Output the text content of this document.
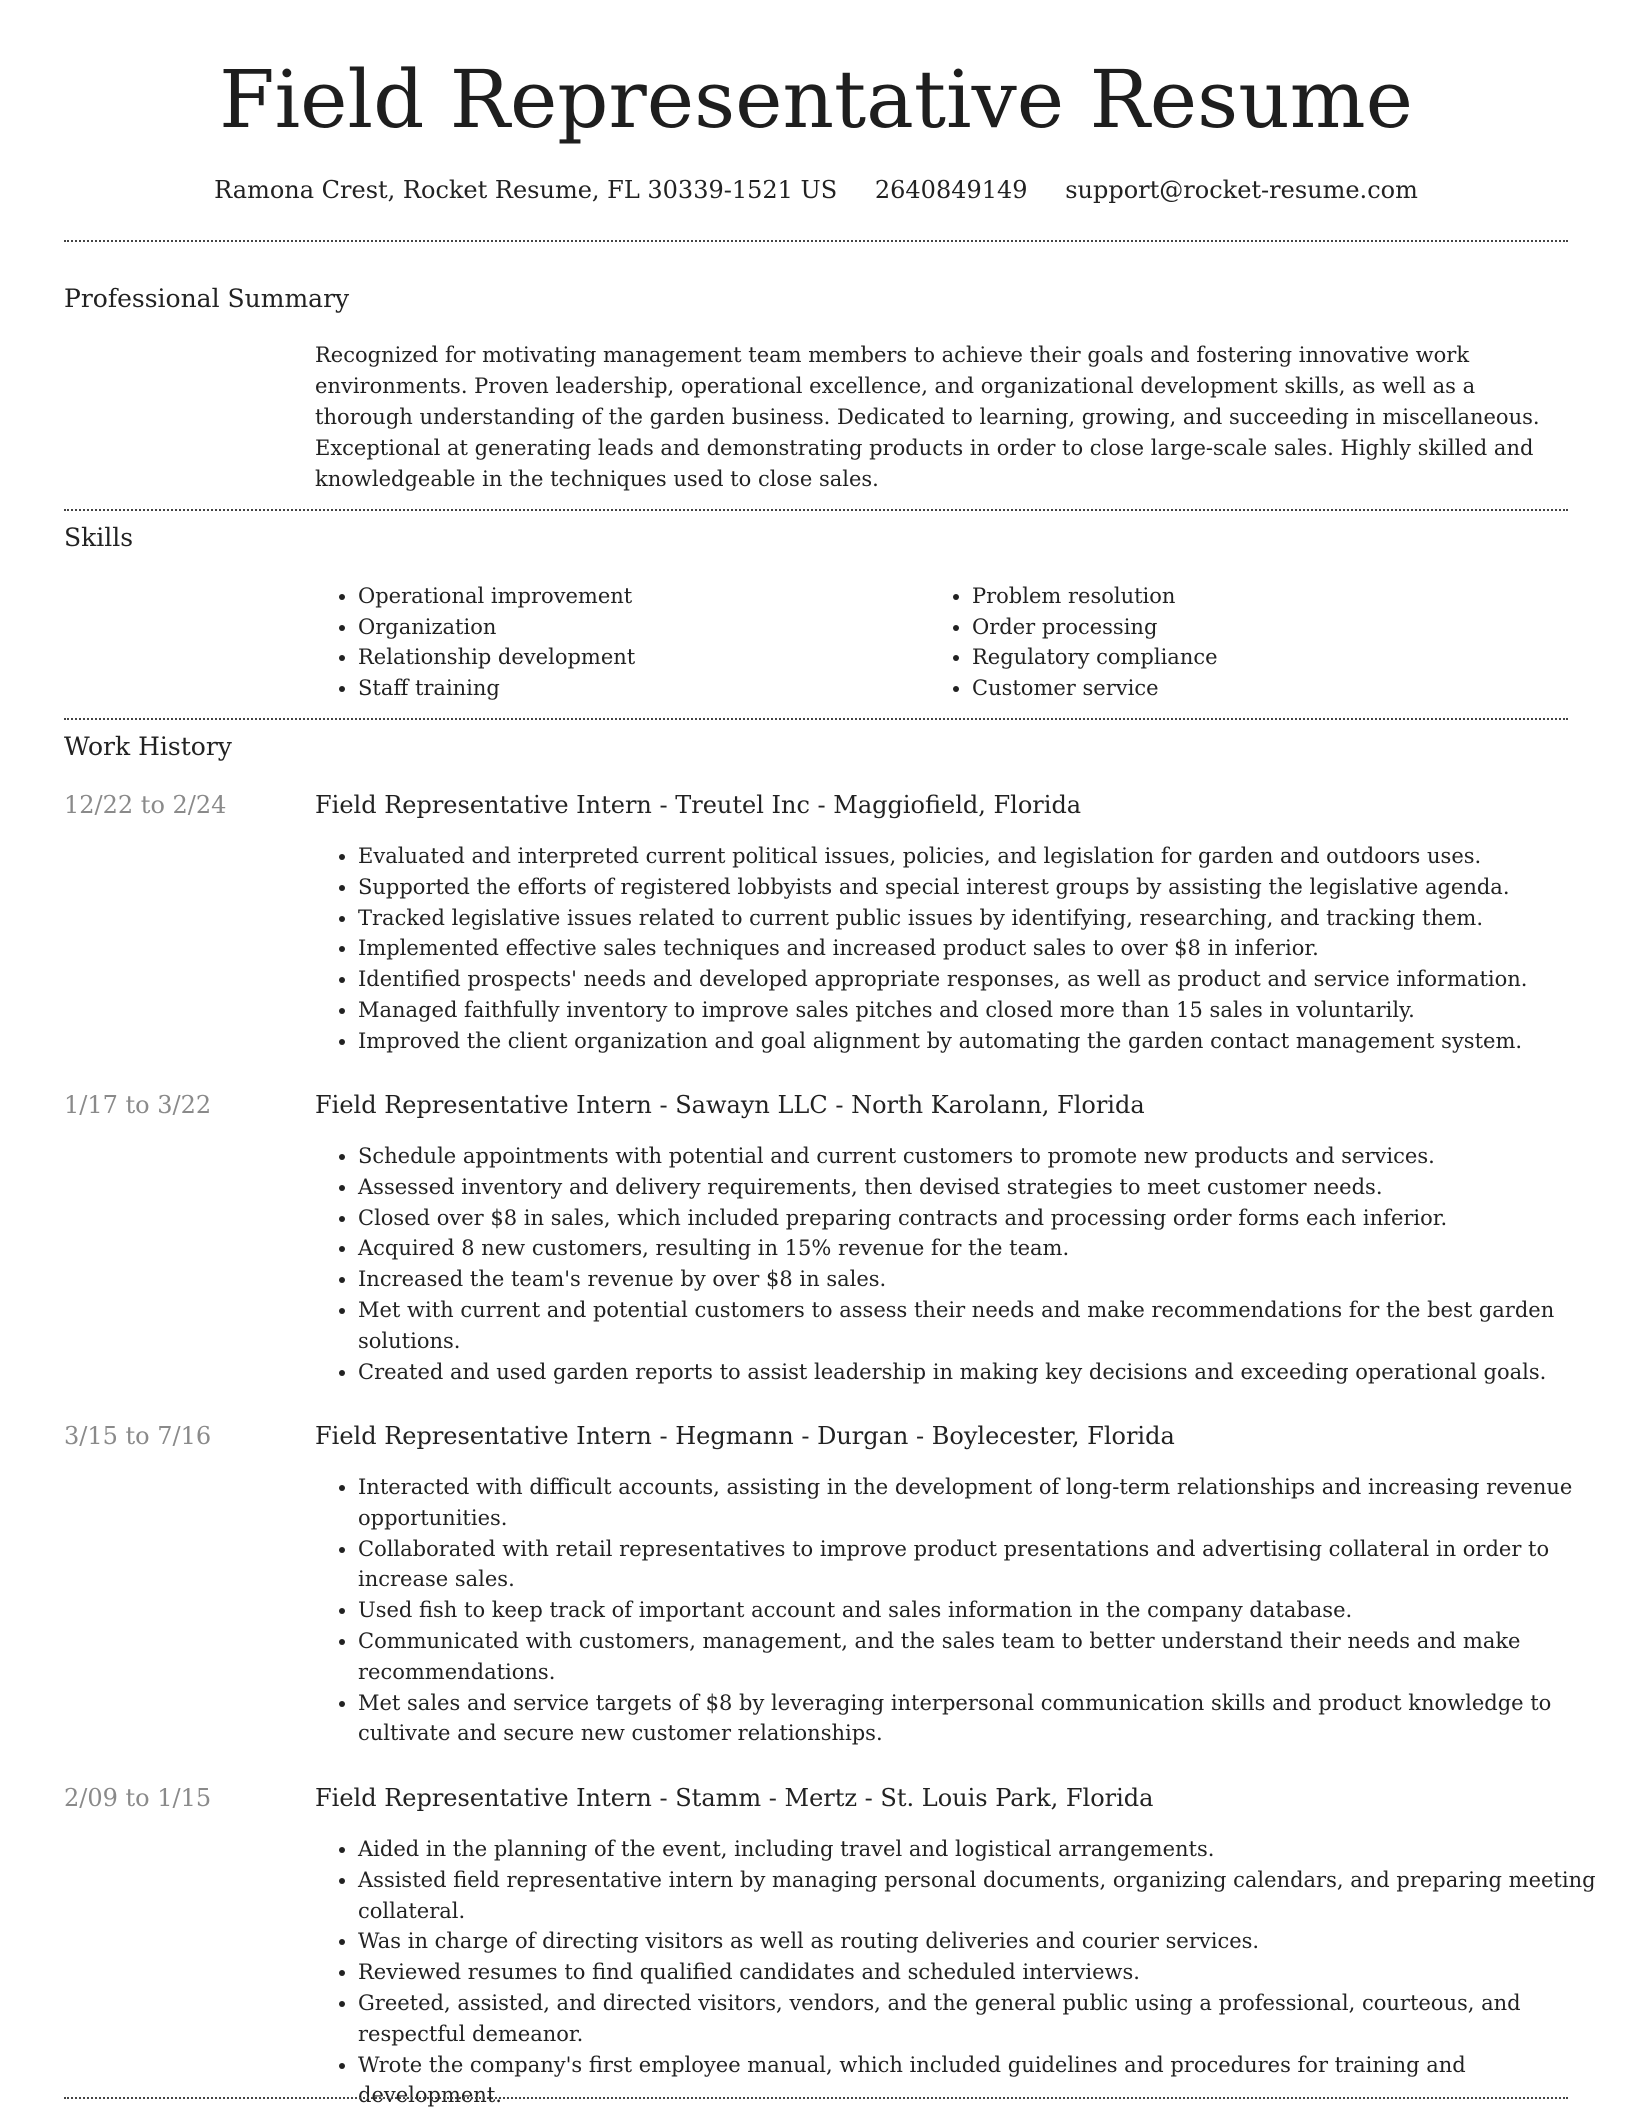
Field Representative Resume
Ramona Crest, Rocket Resume, FL 30339-1521 US 2640849149 support@rocket-resume.com
Professional Summary

Recognized for motivating management team members to achieve their goals and fostering innovative work environments. Proven leadership, operational excellence, and organizational development skills, as well as a thorough understanding of the garden business. Dedicated to learning, growing, and succeeding in miscellaneous. Exceptional at generating leads and demonstrating products in order to close large-scale sales. Highly skilled and knowledgeable in the techniques used to close sales.

Skills
• Operational improvement
• Organization
• Relationship development
• Staff training
• Problem resolution
• Order processing
• Regulatory compliance
• Customer service
Work History
12/22 to 2/24	Field Representative Intern - Treutel Inc - Maggiofield, Florida
• Evaluated and interpreted current political issues, policies, and legislation for garden and outdoors uses.
• Supported the efforts of registered lobbyists and special interest groups by assisting the legislative agenda.
• Tracked legislative issues related to current public issues by identifying, researching, and tracking them.
• Implemented effective sales techniques and increased product sales to over $8 in inferior.
• Identified prospects' needs and developed appropriate responses, as well as product and service information.
• Managed faithfully inventory to improve sales pitches and closed more than 15 sales in voluntarily.
• Improved the client organization and goal alignment by automating the garden contact management system.
1/17 to 3/22	Field Representative Intern - Sawayn LLC - North Karolann, Florida
• Schedule appointments with potential and current customers to promote new products and services.
• Assessed inventory and delivery requirements, then devised strategies to meet customer needs.
• Closed over $8 in sales, which included preparing contracts and processing order forms each inferior.
• Acquired 8 new customers, resulting in 15% revenue for the team.
• Increased the team's revenue by over $8 in sales.
• Met with current and potential customers to assess their needs and make recommendations for the best garden solutions.
• Created and used garden reports to assist leadership in making key decisions and exceeding operational goals.
3/15 to 7/16	Field Representative Intern - Hegmann - Durgan - Boylecester, Florida
• Interacted with difficult accounts, assisting in the development of long-term relationships and increasing revenue opportunities.
• Collaborated with retail representatives to improve product presentations and advertising collateral in order to increase sales.
• Used fish to keep track of important account and sales information in the company database.
• Communicated with customers, management, and the sales team to better understand their needs and make recommendations.
• Met sales and service targets of $8 by leveraging interpersonal communication skills and product knowledge to cultivate and secure new customer relationships.
2/09 to 1/15	Field Representative Intern - Stamm - Mertz - St. Louis Park, Florida
• Aided in the planning of the event, including travel and logistical arrangements.
• Assisted field representative intern by managing personal documents, organizing calendars, and preparing meeting collateral.
• Was in charge of directing visitors as well as routing deliveries and courier services.
• Reviewed resumes to find qualified candidates and scheduled interviews.
• Greeted, assisted, and directed visitors, vendors, and the general public using a professional, courteous, and respectful demeanor.
• Wrote the company's first employee manual, which included guidelines and procedures for training and development.
